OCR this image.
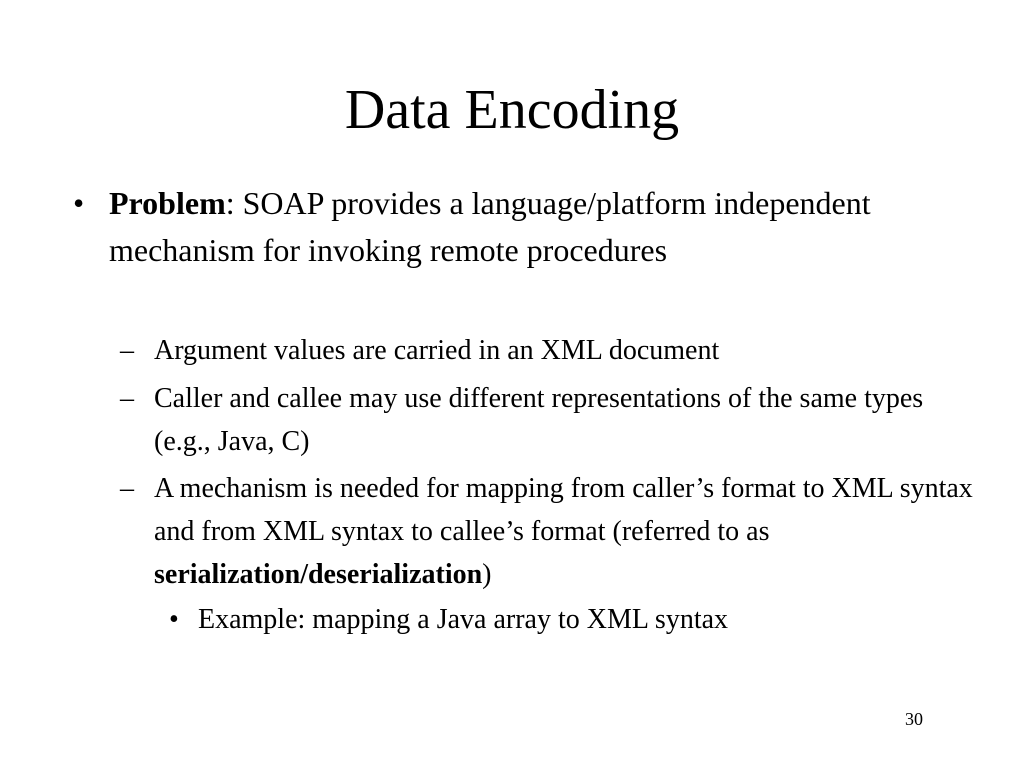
Data Encoding
• Problem: SOAP provides a language/platform independent mechanism for invoking remote procedures
– Argument values are carried in an XML document
– Caller and callee may use different representations of the same types (e.g., Java, C)
– A mechanism is needed for mapping from caller’s format to XML syntax and from XML syntax to callee’s format (referred to as serialization/deserialization)
• Example: mapping a Java array to XML syntax
30
